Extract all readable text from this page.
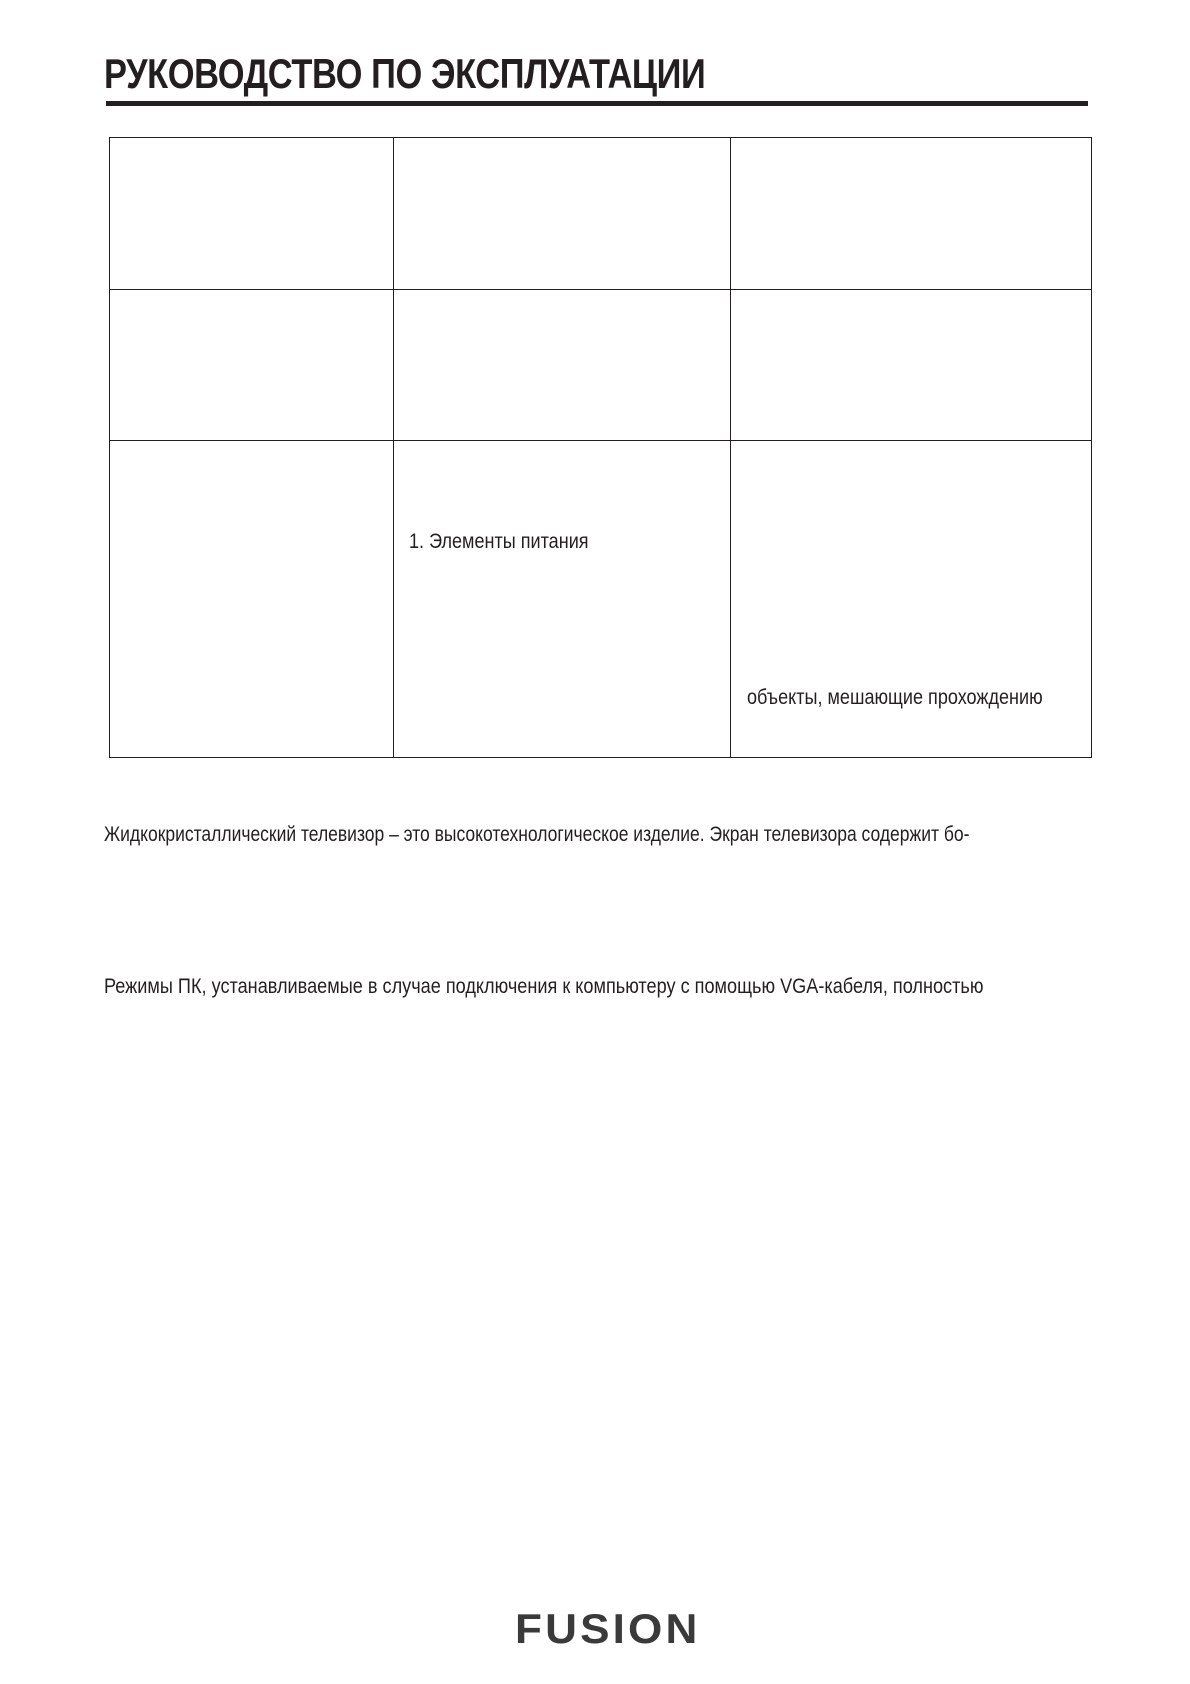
РУКОВОДСТВО ПО ЭКСПЛУАТАЦИИ
1. Элементы питания
объекты, мешающие прохождению
Жидкокристаллический телевизор – это высокотехнологическое изделие. Экран телевизора содержит бо-
Режимы ПК, устанавливаемые в случае подключения к компьютеру с помощью VGA-кабеля, полностью
FUSION
